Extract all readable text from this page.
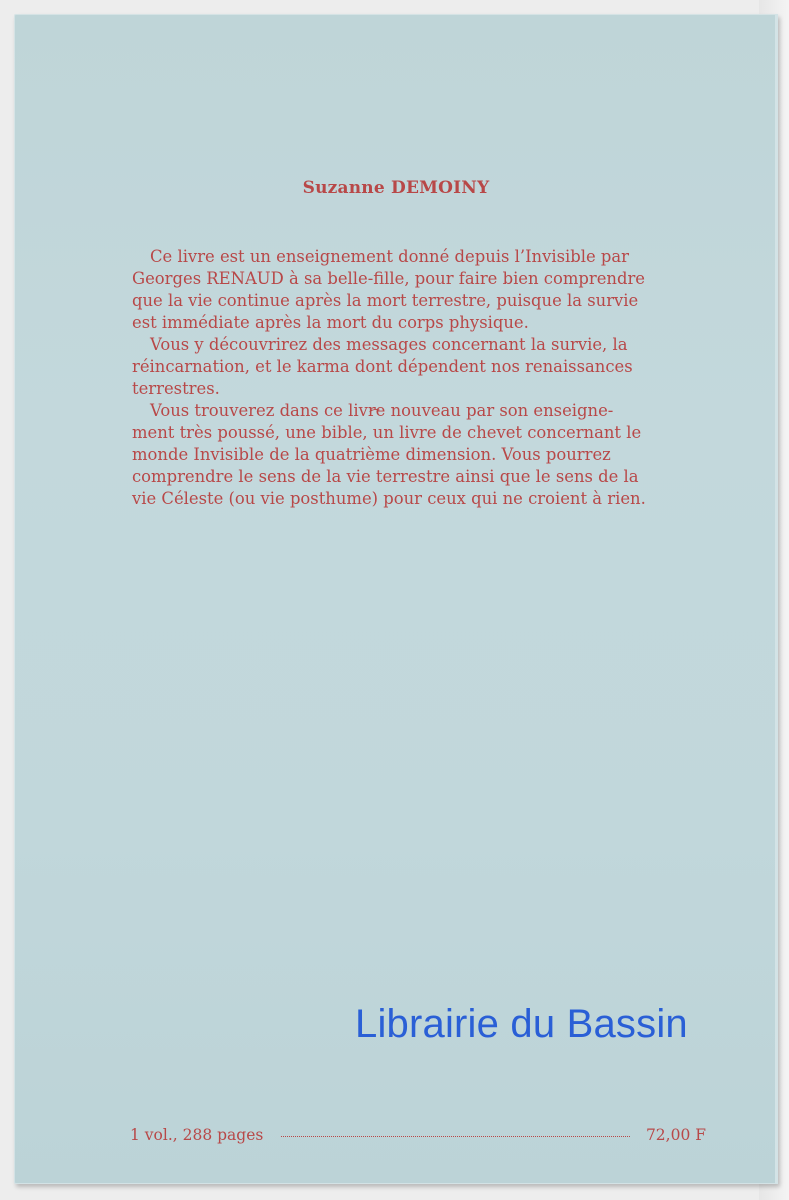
Suzanne DEMOINY

Ce livre est un enseignement donné depuis l’Invisible par
Georges RENAUD à sa belle-fille, pour faire bien comprendre
que la vie continue après la mort terrestre, puisque la survie
est immédiate après la mort du corps physique.

Vous y découvrirez des messages concernant la survie, la
réincarnation, et le karma dont dépendent nos renaissances
terrestres.

Vous trouverez dans ce livre nouveau par son enseigne-
ment très poussé, une bible, un livre de chevet concernant le
monde Invisible de la quatrième dimension. Vous pourrez
comprendre le sens de la vie terrestre ainsi que le sens de la
vie Céleste (ou vie posthume) pour ceux qui ne croient à rien.

1 vol., 288 pages	72,00 F
Librairie du Bassin
